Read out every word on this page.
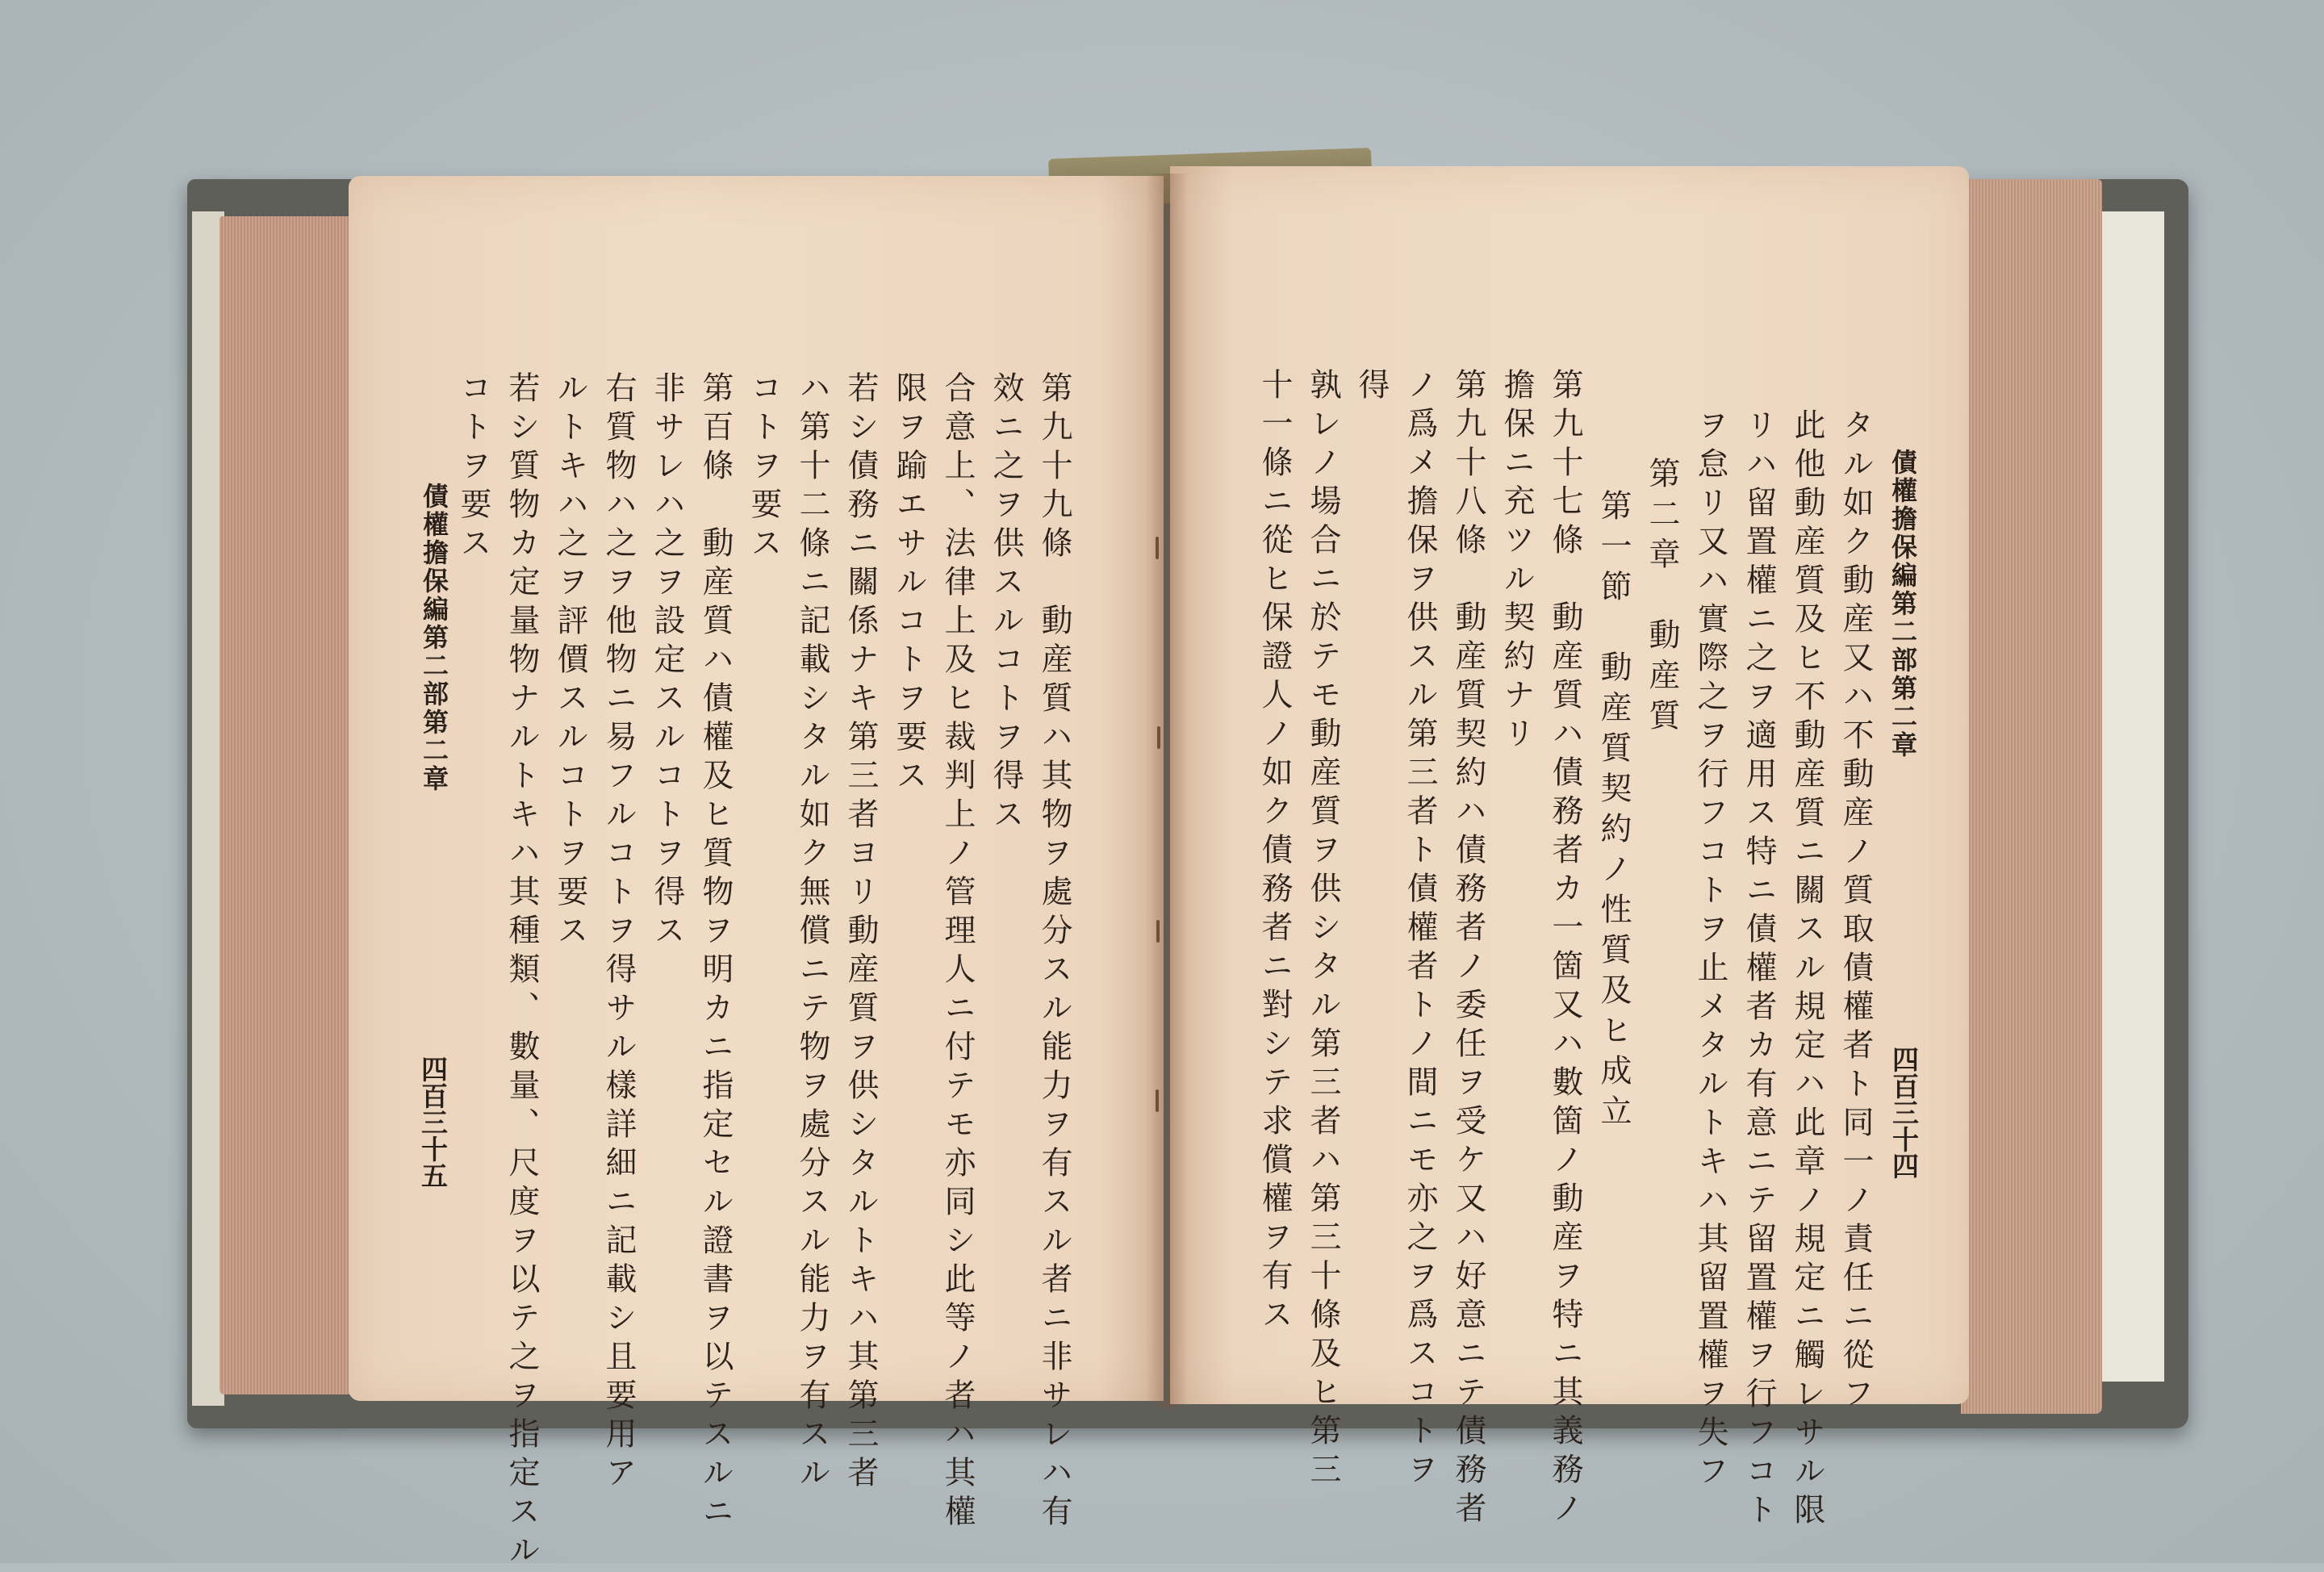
第九十九條　動産質ハ其物ヲ處分スル能力ヲ有スル者ニ非サレハ有

效ニ之ヲ供スルコトヲ得ス

合意上、法律上及ヒ裁判上ノ管理人ニ付テモ亦同シ此等ノ者ハ其權

限ヲ踰エサルコトヲ要ス

若シ債務ニ關係ナキ第三者ヨリ動産質ヲ供シタルトキハ其第三者

ハ第十二條ニ記載シタル如ク無償ニテ物ヲ處分スル能力ヲ有スル

コトヲ要ス

第百條　動産質ハ債權及ヒ質物ヲ明カニ指定セル證書ヲ以テスルニ

非サレハ之ヲ設定スルコトヲ得ス

右質物ハ之ヲ他物ニ易フルコトヲ得サル樣詳細ニ記載シ且要用ア

ルトキハ之ヲ評價スルコトヲ要ス

若シ質物カ定量物ナルトキハ其種類、數量、尺度ヲ以テ之ヲ指定スル

コトヲ要ス

債權擔保編第二部第二章

四百三十五

債權擔保編第二部第二章

四百三十四

タル如ク動産又ハ不動産ノ質取債權者ト同一ノ責任ニ從フ

此他動産質及ヒ不動産質ニ關スル規定ハ此章ノ規定ニ觸レサル限

リハ留置權ニ之ヲ適用ス特ニ債權者カ有意ニテ留置權ヲ行フコト

ヲ怠リ又ハ實際之ヲ行フコトヲ止メタルトキハ其留置權ヲ失フ

第二章　動産質

第一節　動産質契約ノ性質及ヒ成立

第九十七條　動産質ハ債務者カ一箇又ハ數箇ノ動産ヲ特ニ其義務ノ

擔保ニ充ツル契約ナリ

第九十八條　動産質契約ハ債務者ノ委任ヲ受ケ又ハ好意ニテ債務者

ノ爲メ擔保ヲ供スル第三者ト債權者トノ間ニモ亦之ヲ爲スコトヲ

得

孰レノ場合ニ於テモ動産質ヲ供シタル第三者ハ第三十條及ヒ第三

十一條ニ從ヒ保證人ノ如ク債務者ニ對シテ求償權ヲ有ス
